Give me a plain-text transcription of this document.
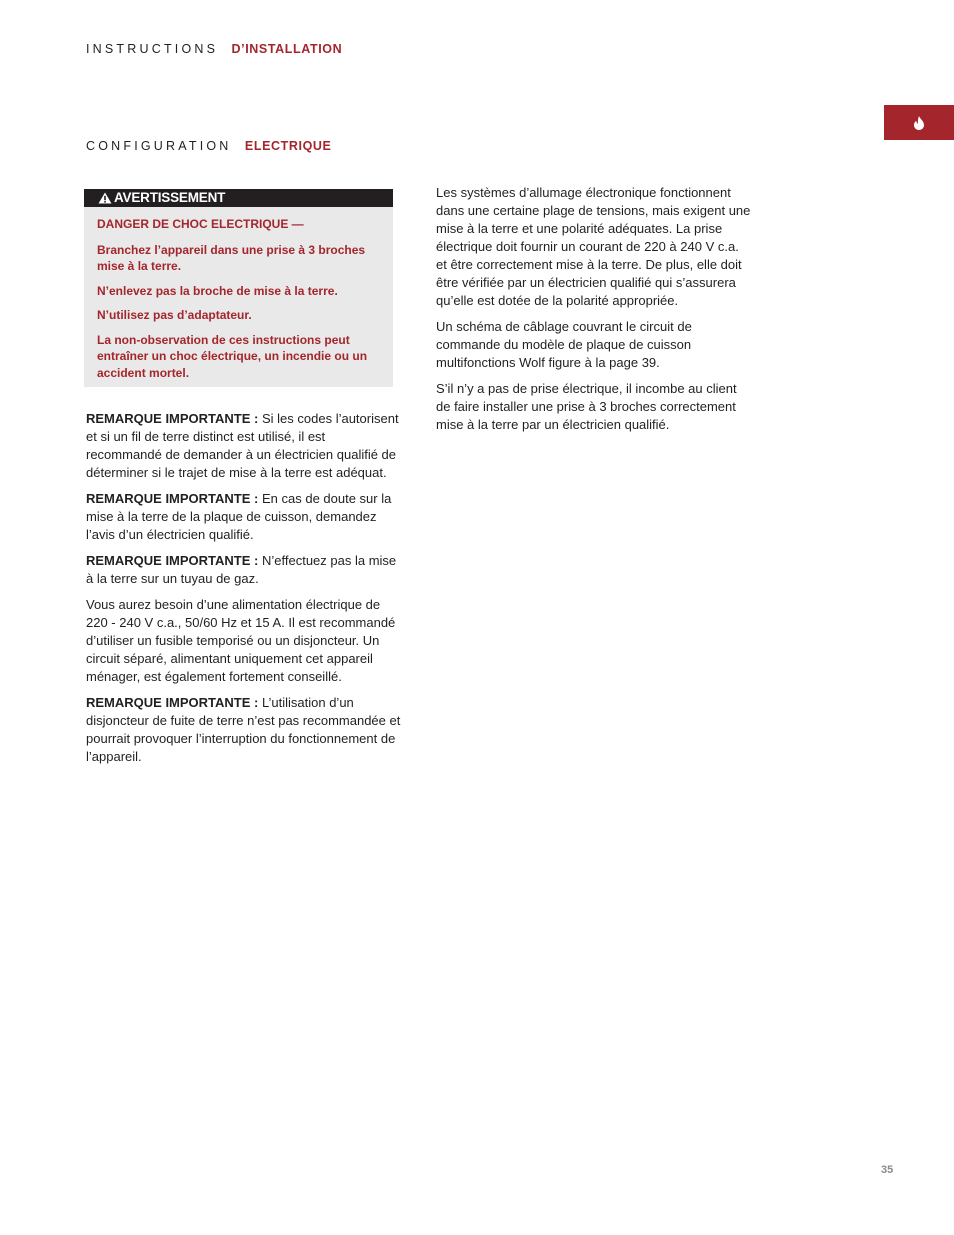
INSTRUCTIONS D’INSTALLATION
CONFIGURATION ELECTRIQUE
AVERTISSEMENT

DANGER DE CHOC ELECTRIQUE —

Branchez l’appareil dans une prise à 3 broches mise à la terre.

N’enlevez pas la broche de mise à la terre.

N’utilisez pas d’adaptateur.

La non-observation de ces instructions peut entraîner un choc électrique, un incendie ou un accident mortel.

REMARQUE IMPORTANTE : Si les codes l’autorisent et si un fil de terre distinct est utilisé, il est recommandé de demander à un électricien qualifié de déterminer si le trajet de mise à la terre est adéquat.

REMARQUE IMPORTANTE : En cas de doute sur la mise à la terre de la plaque de cuisson, demandez l’avis d’un électricien qualifié.

REMARQUE IMPORTANTE : N’effectuez pas la mise à la terre sur un tuyau de gaz.

Vous aurez besoin d’une alimentation électrique de 220 - 240 V c.a., 50/60 Hz et 15 A. Il est recommandé d’utiliser un fusible temporisé ou un disjoncteur. Un circuit séparé, alimentant uniquement cet appareil ménager, est également fortement conseillé.

REMARQUE IMPORTANTE : L’utilisation d’un disjoncteur de fuite de terre n’est pas recommandée et pourrait provoquer l’interruption du fonctionnement de l’appareil.

Les systèmes d’allumage électronique fonctionnent dans une certaine plage de tensions, mais exigent une mise à la terre et une polarité adéquates. La prise électrique doit fournir un courant de 220 à 240 V c.a. et être correctement mise à la terre. De plus, elle doit être vérifiée par un électricien qualifié qui s’assurera qu’elle est dotée de la polarité appropriée.

Un schéma de câblage couvrant le circuit de commande du modèle de plaque de cuisson multifonctions Wolf figure à la page 39.

S’il n’y a pas de prise électrique, il incombe au client de faire installer une prise à 3 broches correctement mise à la terre par un électricien qualifié.

35
